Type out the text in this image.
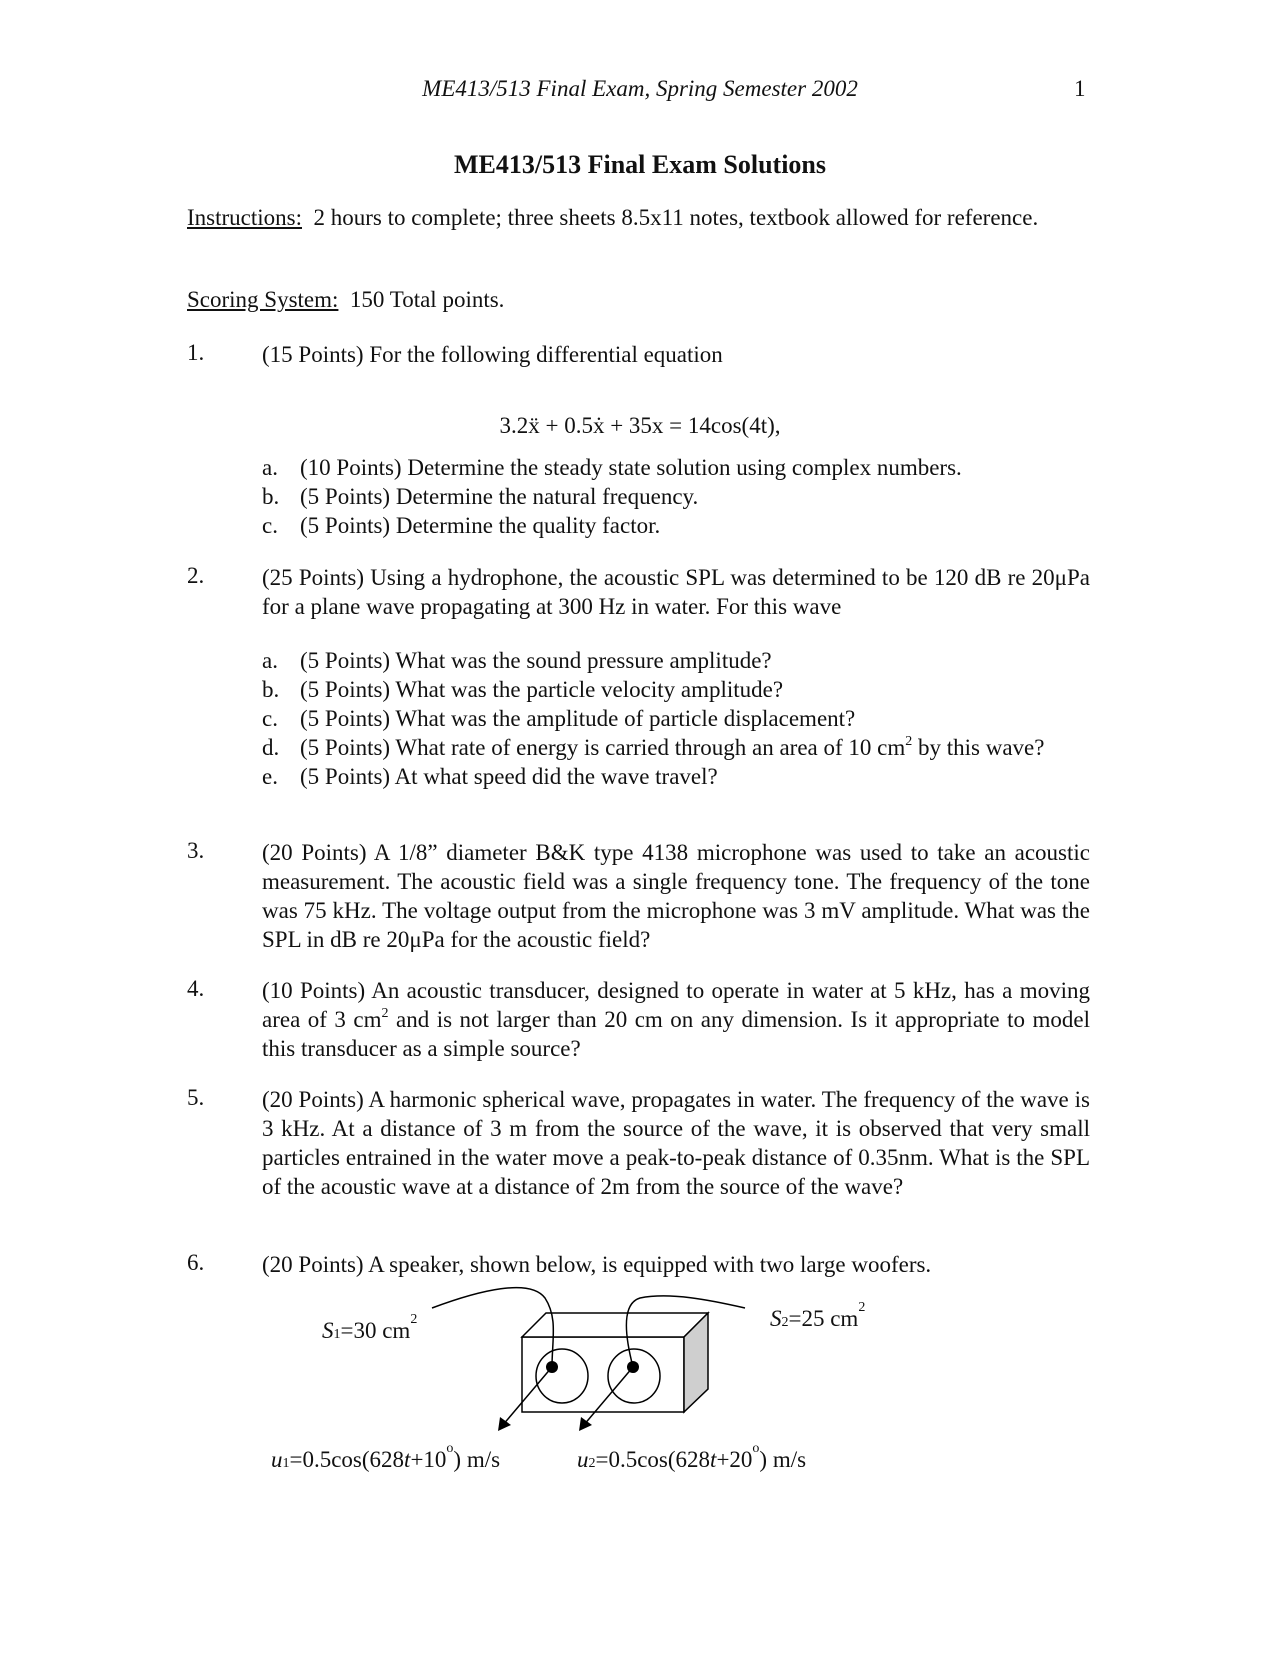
ME413/513 Final Exam, Spring Semester 2002	1
ME413/513 Final Exam Solutions
Instructions: 2 hours to complete; three sheets 8.5x11 notes, textbook allowed for reference.
Scoring System: 150 Total points.
1.	(15 Points) For the following differential equation
3.2ẍ + 0.5ẋ + 35x = 14cos(4t),
a. (10 Points) Determine the steady state solution using complex numbers.
b. (5 Points) Determine the natural frequency.
c. (5 Points) Determine the quality factor.
2.	(25 Points) Using a hydrophone, the acoustic SPL was determined to be 120 dB re 20μPa for a plane wave propagating at 300 Hz in water. For this wave
a. (5 Points) What was the sound pressure amplitude?
b. (5 Points) What was the particle velocity amplitude?
c. (5 Points) What was the amplitude of particle displacement?
d. (5 Points) What rate of energy is carried through an area of 10 $cm^2$ by this wave?
e. (5 Points) At what speed did the wave travel?
3.	(20 Points) A 1/8” diameter B&K type 4138 microphone was used to take an acoustic measurement. The acoustic field was a single frequency tone. The frequency of the tone was 75 kHz. The voltage output from the microphone was 3 mV amplitude. What was the SPL in dB re 20μPa for the acoustic field?
4.	(10 Points) An acoustic transducer, designed to operate in water at 5 kHz, has a moving area of 3 $cm^2$ and is not larger than 20 cm on any dimension. Is it appropriate to model this transducer as a simple source?
5.	(20 Points) A harmonic spherical wave, propagates in water. The frequency of the wave is 3 kHz. At a distance of 3 m from the source of the wave, it is observed that very small particles entrained in the water move a peak-to-peak distance of 0.35nm. What is the SPL of the acoustic wave at a distance of 2m from the source of the wave?
6.	(20 Points) A speaker, shown below, is equipped with two large woofers.
S1=30 $cm^2$	S2=25 $cm^2$
$u1=0.5\cos(628t+10^o)$ m/s	$u2=0.5\cos(628t+20^o)$ m/s
